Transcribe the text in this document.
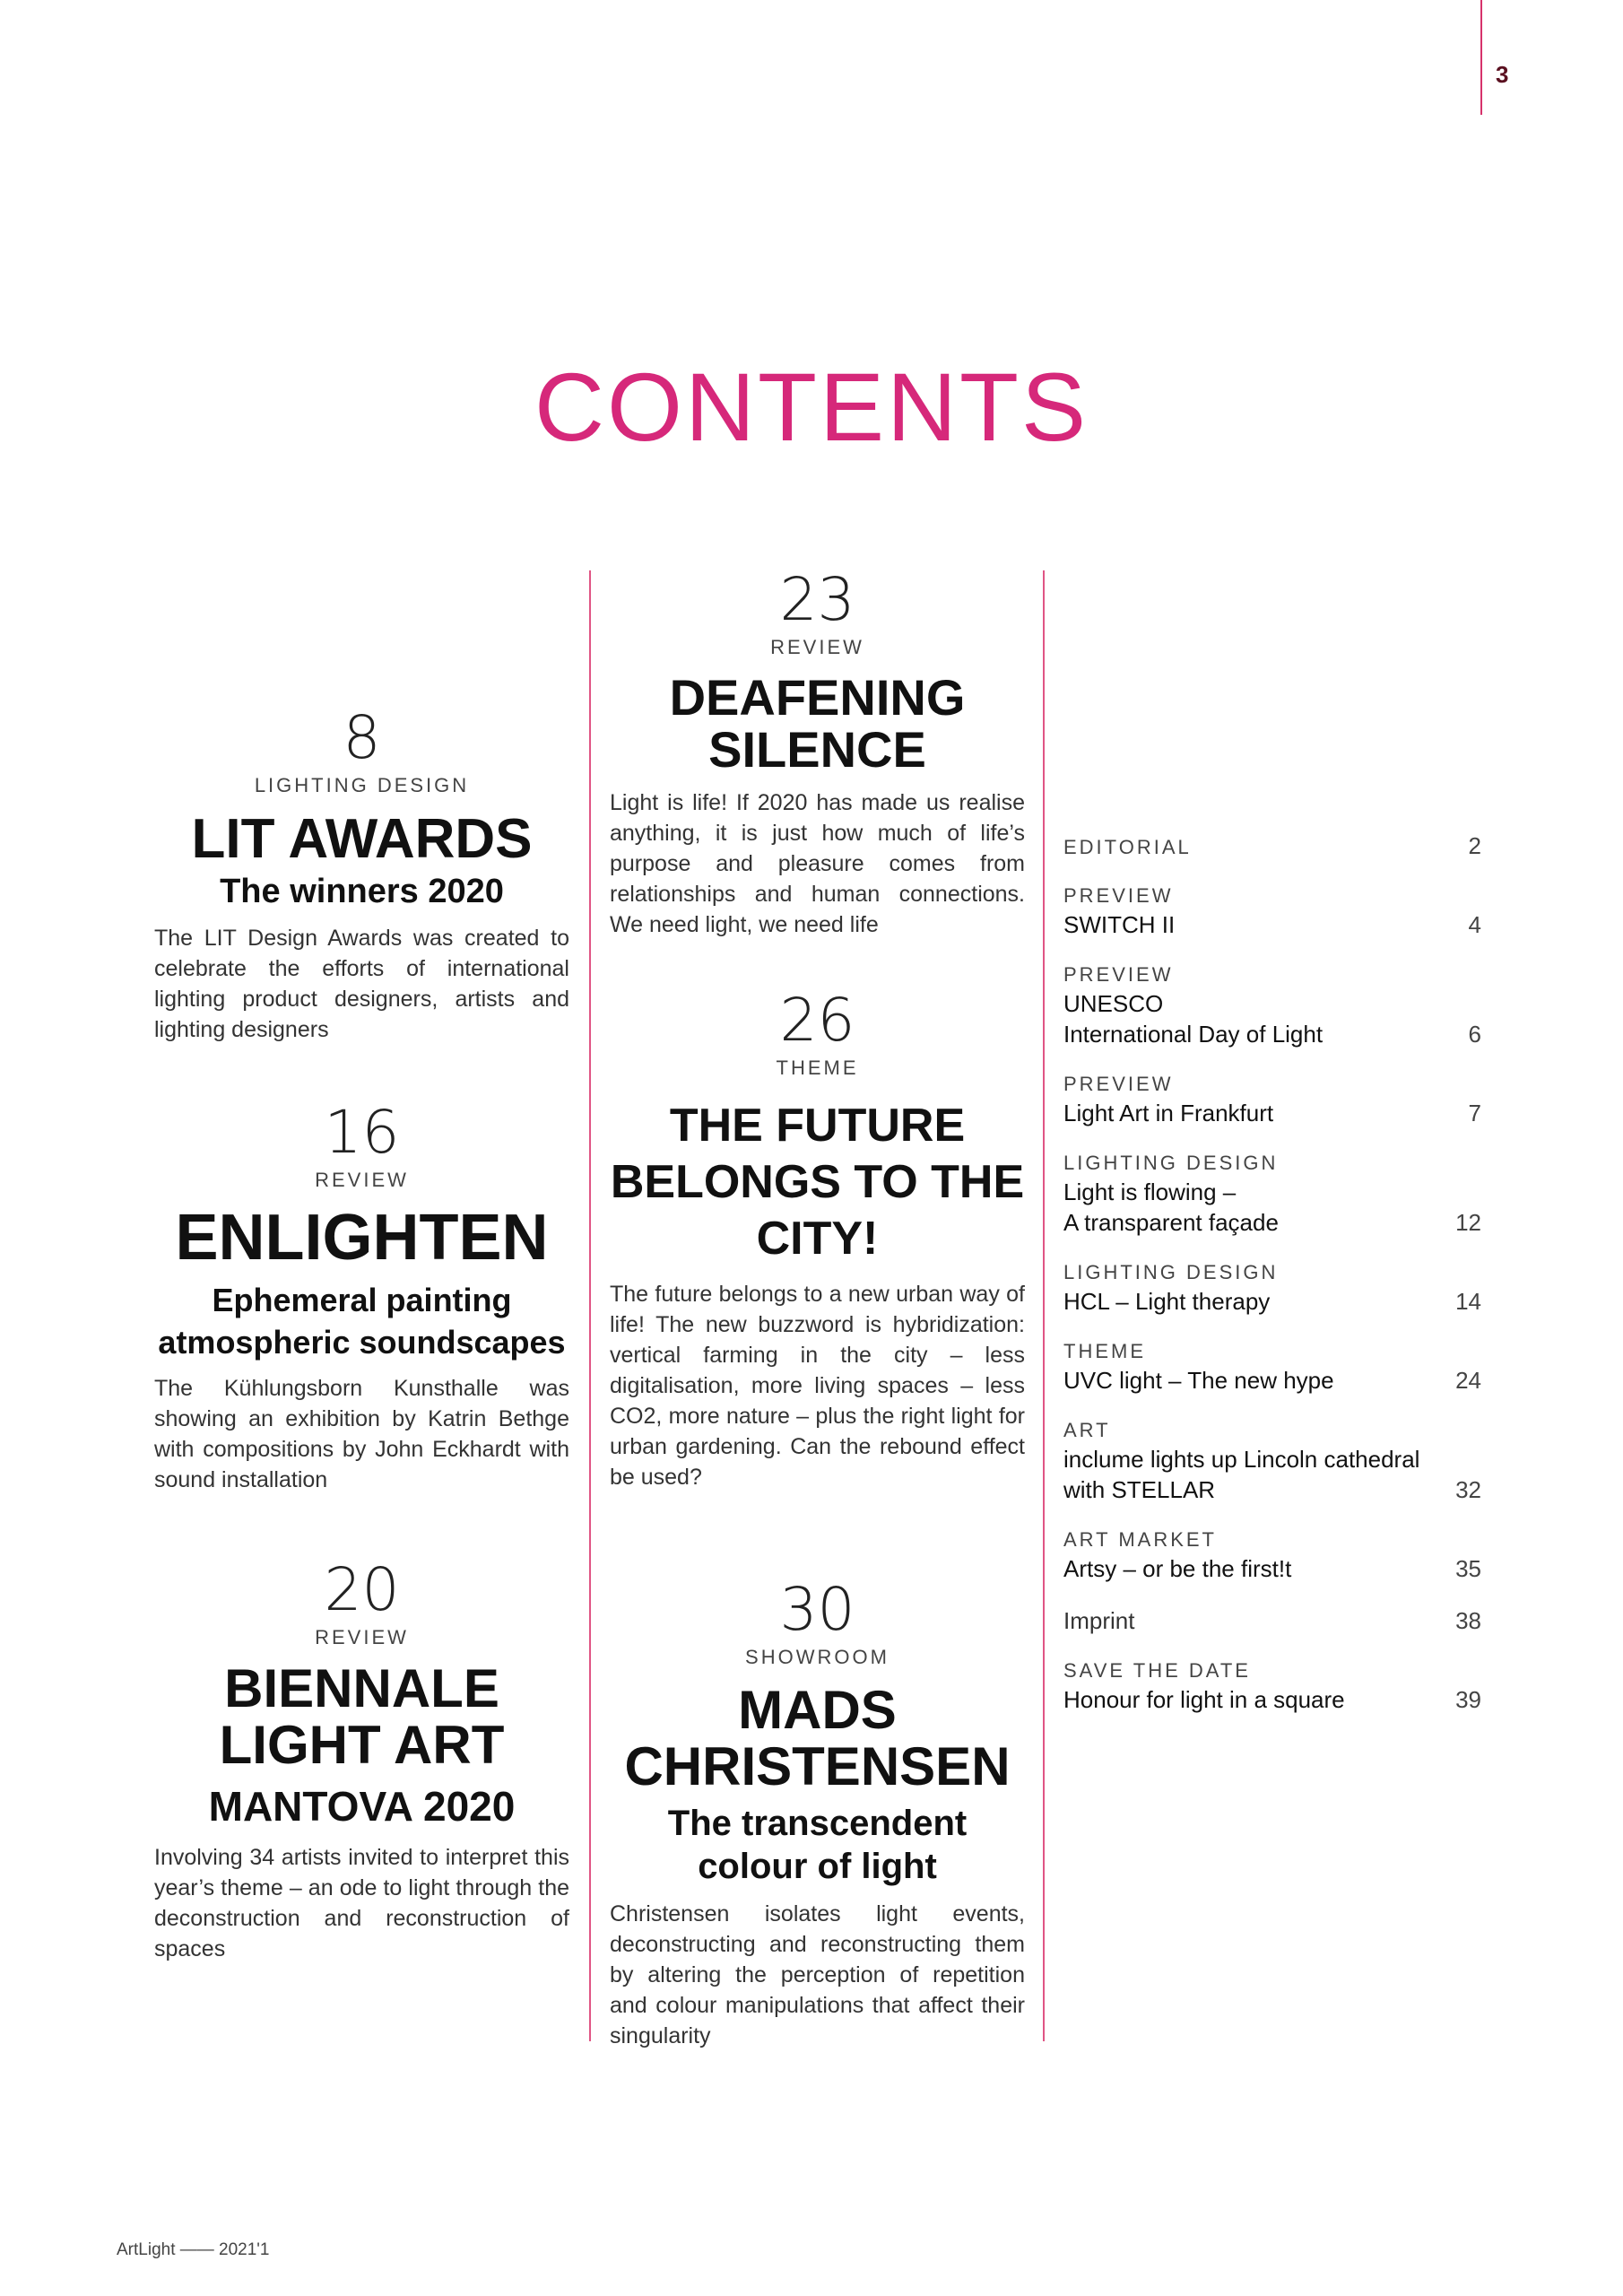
3
CONTENTS
8
LIGHTING DESIGN
LIT AWARDS
The winners 2020
The LIT Design Awards was created to celebrate the efforts of international lighting product designers, artists and lighting designers
16
REVIEW
ENLIGHTEN
Ephemeral painting
atmospheric soundscapes
The Kühlungsborn Kunsthalle was showing an exhibition by Katrin Bethge with compositions by John Eckhardt with sound installation
20
REVIEW
BIENNALE
LIGHT ART
MANTOVA 2020
Involving 34 artists invited to interpret this year’s theme – an ode to light through the deconstruction and reconstruction of spaces
23
REVIEW
DEAFENING
SILENCE
Light is life! If 2020 has made us realise anything, it is just how much of life’s purpose and pleasure comes from relationships and human connections. We need light, we need life
26
THEME
THE FUTURE
BELONGS TO THE
CITY!
The future belongs to a new urban way of life! The new buzzword is hybridization: vertical farming in the city – less digitalisation, more living spaces – less CO2, more nature – plus the right light for urban gardening. Can the rebound effect be used?
30
SHOWROOM
MADS
CHRISTENSEN
The transcendent
colour of light
Christensen isolates light events, deconstructing and reconstructing them by altering the perception of repetition and colour manipulations that affect their singularity
EDITORIAL	2
PREVIEW
SWITCH II	4
PREVIEW
UNESCO
International Day of Light	6
PREVIEW
Light Art in Frankfurt	7
LIGHTING DESIGN
Light is flowing –
A transparent façade	12
LIGHTING DESIGN
HCL – Light therapy	14
THEME
UVC light – The new hype	24
ART
inclume lights up Lincoln cathedral
with STELLAR	32
ART MARKET
Artsy – or be the first!t	35
Imprint	38
SAVE THE DATE
Honour for light in a square	39
ArtLight —— 2021'1
